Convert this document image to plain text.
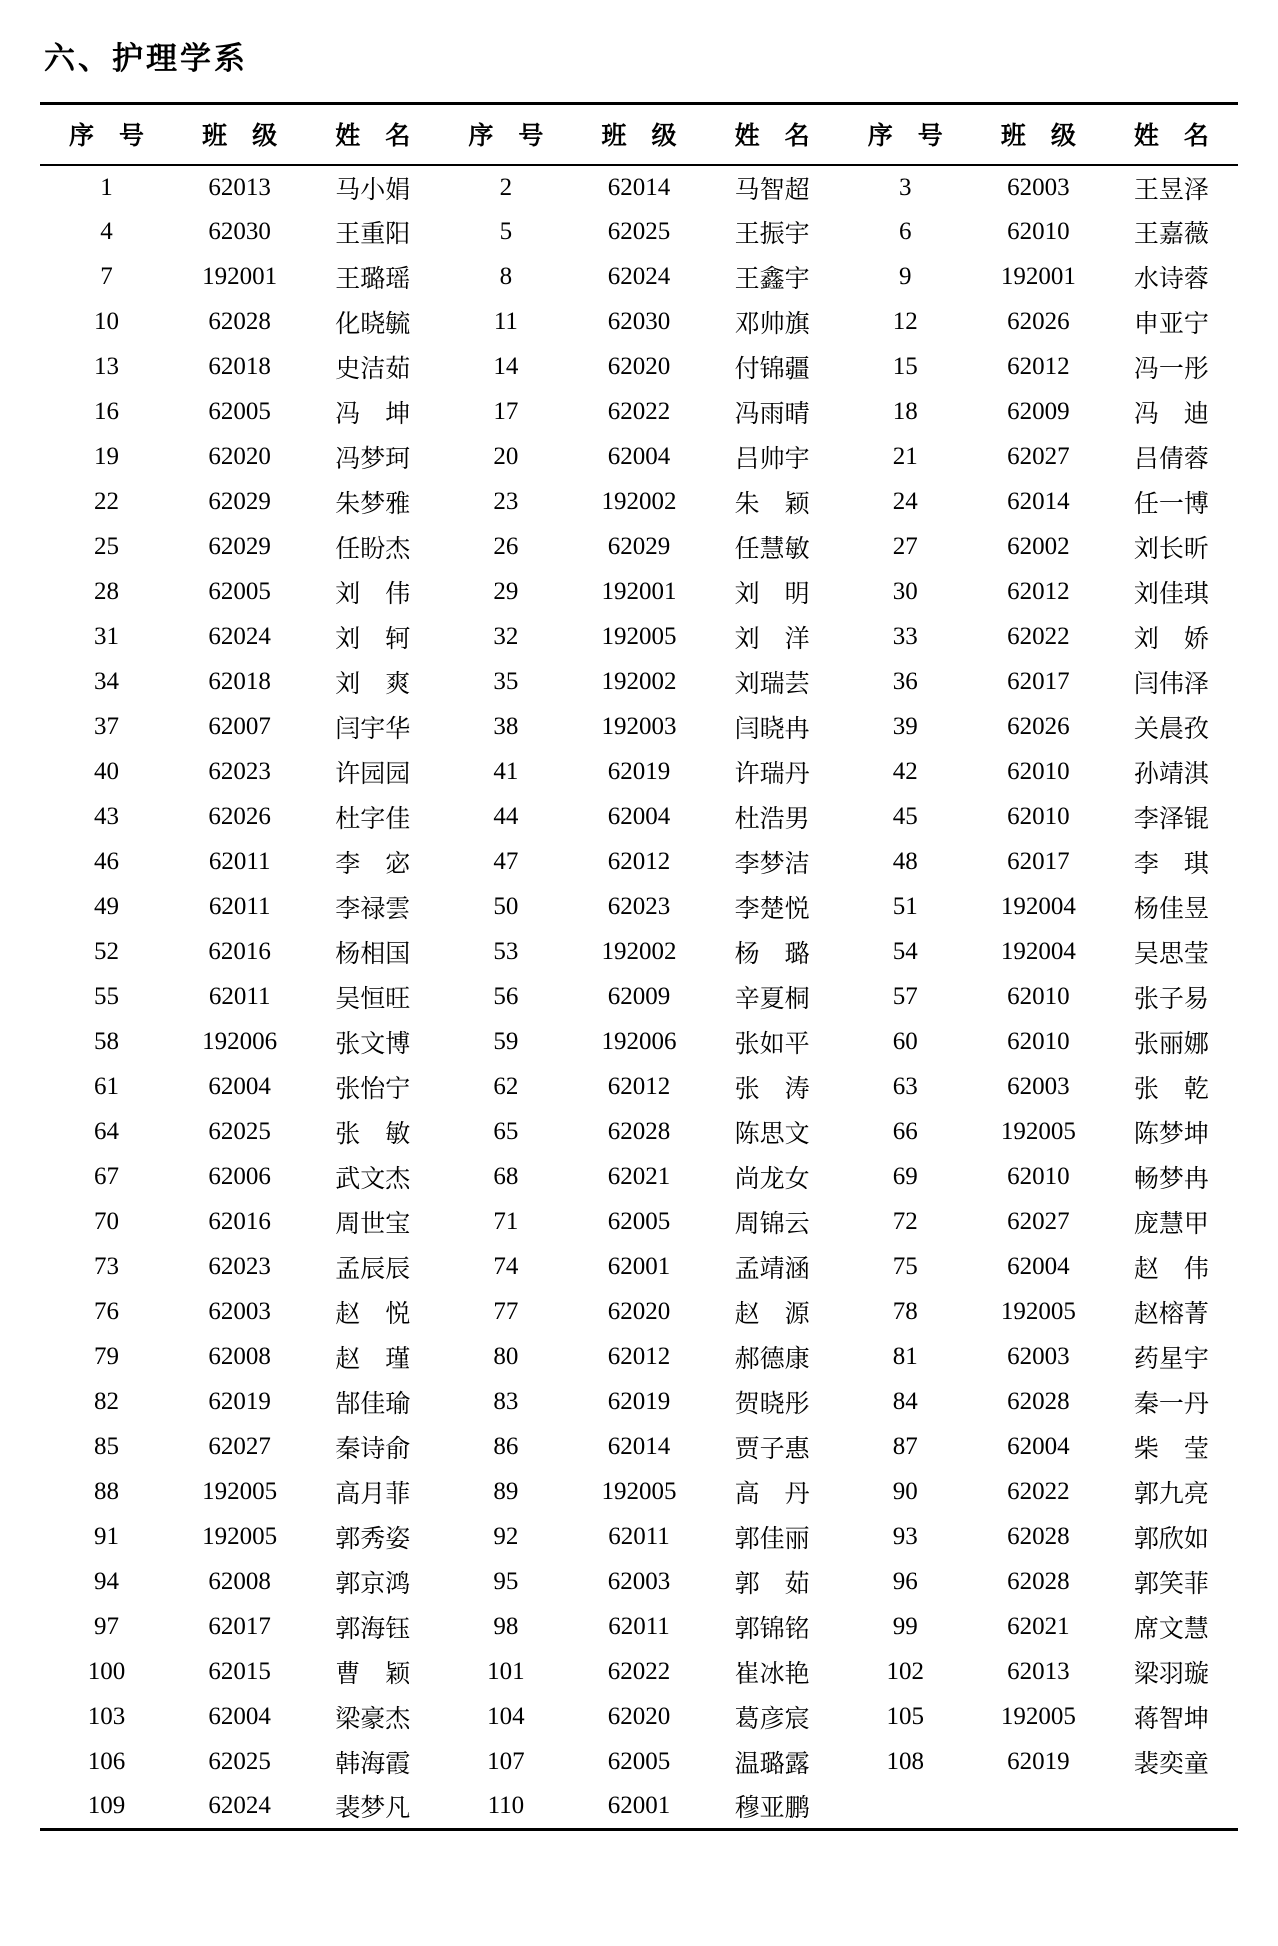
六、护理学系
序　号	班　级	姓　名	序　号	班　级	姓　名	序　号	班　级	姓　名
1	62013	马小娟	2	62014	马智超	3	62003	王昱泽
4	62030	王重阳	5	62025	王振宇	6	62010	王嘉薇
7	192001	王璐瑶	8	62024	王鑫宇	9	192001	水诗蓉
10	62028	化晓毓	11	62030	邓帅旗	12	62026	申亚宁
13	62018	史洁茹	14	62020	付锦疆	15	62012	冯一彤
16	62005	冯　坤	17	62022	冯雨晴	18	62009	冯　迪
19	62020	冯梦珂	20	62004	吕帅宇	21	62027	吕倩蓉
22	62029	朱梦雅	23	192002	朱　颖	24	62014	任一博
25	62029	任盼杰	26	62029	任慧敏	27	62002	刘长昕
28	62005	刘　伟	29	192001	刘　明	30	62012	刘佳琪
31	62024	刘　轲	32	192005	刘　洋	33	62022	刘　娇
34	62018	刘　爽	35	192002	刘瑞芸	36	62017	闫伟泽
37	62007	闫宇华	38	192003	闫晓冉	39	62026	关晨孜
40	62023	许园园	41	62019	许瑞丹	42	62010	孙靖淇
43	62026	杜字佳	44	62004	杜浩男	45	62010	李泽锟
46	62011	李　宓	47	62012	李梦洁	48	62017	李　琪
49	62011	李禄雲	50	62023	李楚悦	51	192004	杨佳昱
52	62016	杨相国	53	192002	杨　璐	54	192004	吴思莹
55	62011	吴恒旺	56	62009	辛夏桐	57	62010	张子易
58	192006	张文博	59	192006	张如平	60	62010	张丽娜
61	62004	张怡宁	62	62012	张　涛	63	62003	张　乾
64	62025	张　敏	65	62028	陈思文	66	192005	陈梦坤
67	62006	武文杰	68	62021	尚龙女	69	62010	畅梦冉
70	62016	周世宝	71	62005	周锦云	72	62027	庞慧甲
73	62023	孟辰辰	74	62001	孟靖涵	75	62004	赵　伟
76	62003	赵　悦	77	62020	赵　源	78	192005	赵榕菁
79	62008	赵　瑾	80	62012	郝德康	81	62003	药星宇
82	62019	郜佳瑜	83	62019	贺晓彤	84	62028	秦一丹
85	62027	秦诗俞	86	62014	贾子惠	87	62004	柴　莹
88	192005	高月菲	89	192005	高　丹	90	62022	郭九亮
91	192005	郭秀姿	92	62011	郭佳丽	93	62028	郭欣如
94	62008	郭京鸿	95	62003	郭　茹	96	62028	郭笑菲
97	62017	郭海钰	98	62011	郭锦铭	99	62021	席文慧
100	62015	曹　颖	101	62022	崔冰艳	102	62013	梁羽璇
103	62004	梁豪杰	104	62020	葛彦宸	105	192005	蒋智坤
106	62025	韩海霞	107	62005	温璐露	108	62019	裴奕童
109	62024	裴梦凡	110	62001	穆亚鹏			
